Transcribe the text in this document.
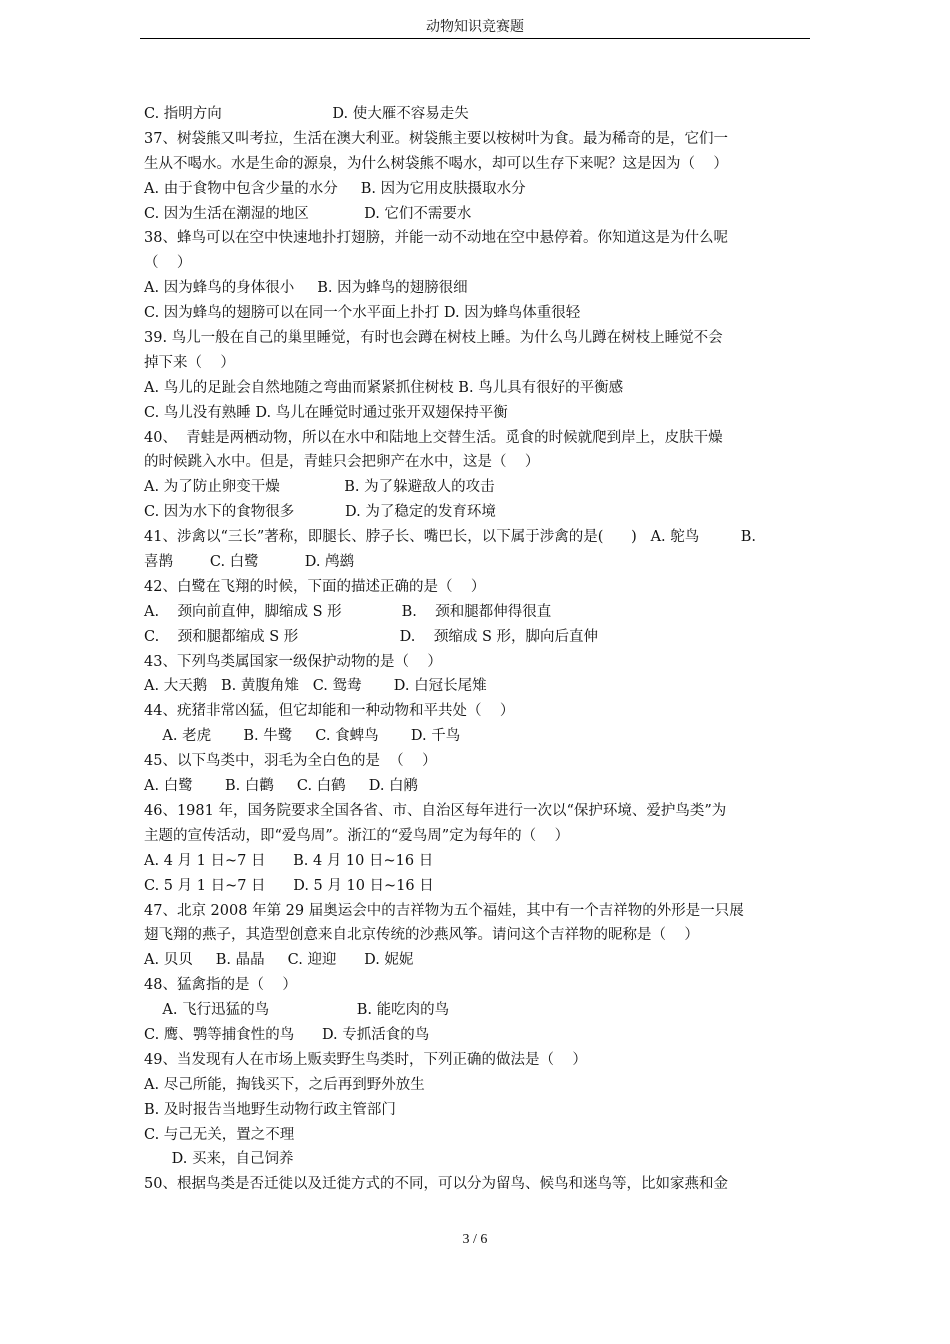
动物知识竞赛题
C. 指明方向                        D. 使大雁不容易走失
37、树袋熊又叫考拉，生活在澳大利亚。树袋熊主要以桉树叶为食。最为稀奇的是，它们一
生从不喝水。水是生命的源泉，为什么树袋熊不喝水，却可以生存下来呢？这是因为（    ）
A. 由于食物中包含少量的水分     B. 因为它用皮肤摄取水分
C. 因为生活在潮湿的地区            D. 它们不需要水
38、蜂鸟可以在空中快速地扑打翅膀，并能一动不动地在空中悬停着。你知道这是为什么呢
（    ）
A. 因为蜂鸟的身体很小     B. 因为蜂鸟的翅膀很细
C. 因为蜂鸟的翅膀可以在同一个水平面上扑打 D. 因为蜂鸟体重很轻
39. 鸟儿一般在自己的巢里睡觉，有时也会蹲在树枝上睡。为什么鸟儿蹲在树枝上睡觉不会
掉下来（    ）
A. 鸟儿的足趾会自然地随之弯曲而紧紧抓住树枝 B. 鸟儿具有很好的平衡感
C. 鸟儿没有熟睡 D. 鸟儿在睡觉时通过张开双翅保持平衡
40、  青蛙是两栖动物，所以在水中和陆地上交替生活。觅食的时候就爬到岸上，皮肤干燥
的时候跳入水中。但是，青蛙只会把卵产在水中，这是（    ）
A. 为了防止卵变干燥              B. 为了躲避敌人的攻击
C. 因为水下的食物很多           D. 为了稳定的发育环境
41、涉禽以“三长”著称，即腿长、脖子长、嘴巴长，以下属于涉禽的是(      )   A. 鸵鸟         B.
喜鹊        C. 白鹭          D. 鸬鹚
42、白鹭在飞翔的时候，下面的描述正确的是（    ）
A.    颈向前直伸，脚缩成 S 形             B.    颈和腿都伸得很直
C.    颈和腿都缩成 S 形                      D.    颈缩成 S 形，脚向后直伸
43、下列鸟类属国家一级保护动物的是（    ）
A. 大天鹅   B. 黄腹角雉   C. 鸳鸯       D. 白冠长尾雉
44、疣猪非常凶猛，但它却能和一种动物和平共处（    ）
A. 老虎       B. 牛鹭     C. 食蜱鸟       D. 千鸟
45、以下鸟类中，羽毛为全白色的是  （    ）
A. 白鹭       B. 白鹳     C. 白鹤     D. 白鹇
46、1981 年，国务院要求全国各省、市、自治区每年进行一次以“保护环境、爱护鸟类”为
主题的宣传活动，即“爱鸟周”。浙江的“爱鸟周”定为每年的（    ）
A. 4 月 1 日~7 日      B. 4 月 10 日~16 日
C. 5 月 1 日~7 日      D. 5 月 10 日~16 日
47、北京 2008 年第 29 届奥运会中的吉祥物为五个福娃，其中有一个吉祥物的外形是一只展
翅飞翔的燕子，其造型创意来自北京传统的沙燕风筝。请问这个吉祥物的昵称是（    ）
A. 贝贝     B. 晶晶     C. 迎迎      D. 妮妮
48、猛禽指的是（    ）
A. 飞行迅猛的鸟                   B. 能吃肉的鸟
C. 鹰、鹗等捕食性的鸟      D. 专抓活食的鸟
49、当发现有人在市场上贩卖野生鸟类时，下列正确的做法是（    ）
A. 尽己所能，掏钱买下，之后再到野外放生
B. 及时报告当地野生动物行政主管部门
C. 与己无关，置之不理
D. 买来，自己饲养
50、根据鸟类是否迁徙以及迁徙方式的不同，可以分为留鸟、候鸟和迷鸟等，比如家燕和金
3 / 6
